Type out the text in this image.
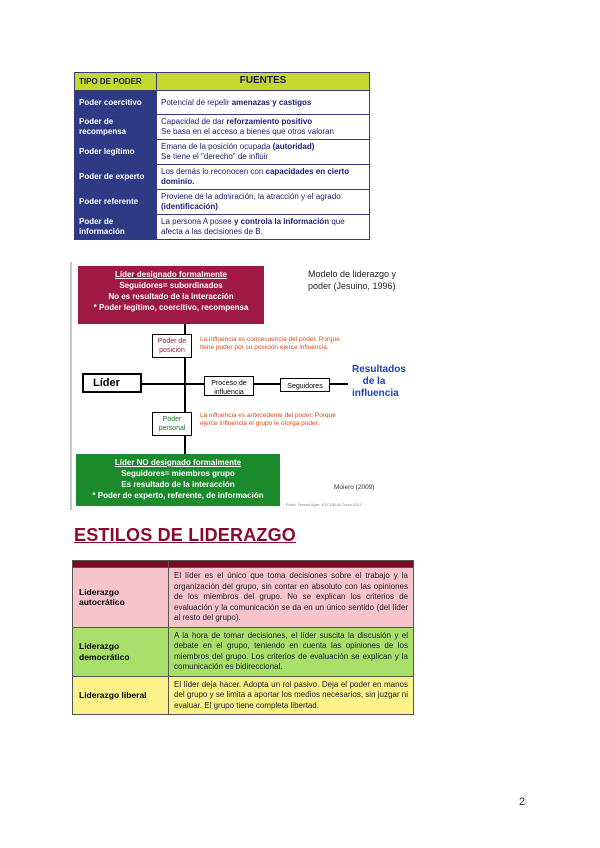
TIPO DE PODER	FUENTES
Poder coercitivo	Potencial de repelir amenazas y castigos
Poder de recompensa	Capacidad de dar reforzamiento positivo
Se basa en el acceso a bienes que otros valoran
Poder legítimo	Emana de la posición ocupada (autoridad)
Se tiene el "derecho" de influir
Poder de experto	Los demás lo reconocen con capacidades en cierto dominio.
Poder referente	Proviene de la admiración, la atracción y el agrado (identificación)
Poder de información	La persona A posee y controla la información que afecta a las decisiones de B.
Líder designado formalmente
Seguidores= subordinados
No es resultado de la interacción
* Poder legítimo, coercitivo, recompensa
Modelo de liderazgo y poder (Jesuino, 1996)
Líder
Poder de posición
La influencia es consecuencia del poder. Porque tiene poder por su posición ejerce influencia.
Proceso de influencia
Seguidores
Resultados de la influencia
Poder personal
La influencia es antecedente del poder. Porque ejerce influencia el grupo le otorga poder.
Líder NO designado formalmente
Seguidores= miembros grupo
Es resultado de la interacción
* Poder de experto, referente, de información
Moiero (2009)
Profa. Teresa Ayjer. ESCUELA Curso 2011
ESTILOS DE LIDERAZGO

Liderazgo autocrático	El líder es el único que toma decisiones sobre el trabajo y la organización del grupo, sin contar en absoluto con las opiniones de los miembros del grupo. No se explican los criterios de evaluación y la comunicación se da en un único sentido (del líder al resto del grupo).
Liderazgo democrático	A la hora de tomar decisiones, el líder suscita la discusión y el debate en el grupo, teniendo en cuenta las opiniones de los miembros del grupo. Los criterios de evaluación se explican y la comunicación es bidireccional.
Liderazgo liberal	El líder deja hacer. Adopta un rol pasivo. Deja el poder en manos del grupo y se limita a aportar los medios necesarios, sin juzgar ni evaluar. El grupo tiene completa libertad.
2
